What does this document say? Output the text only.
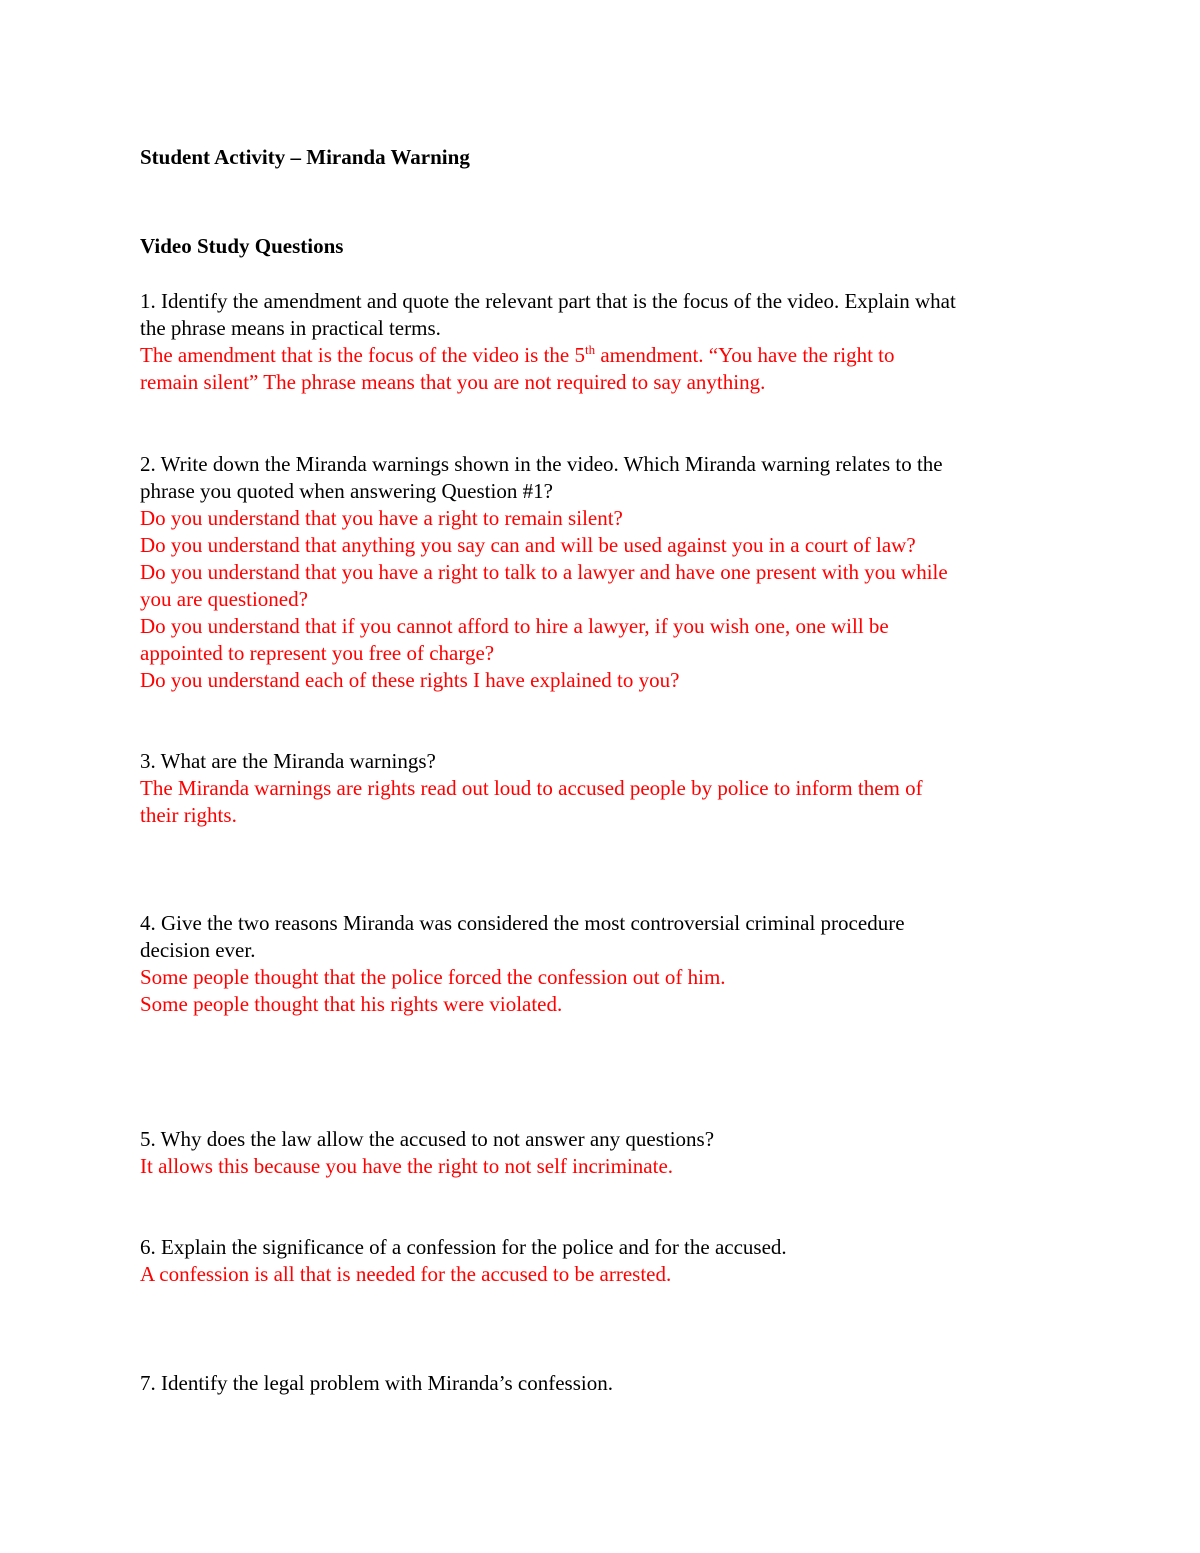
Student Activity – Miranda Warning
Video Study Questions
1. Identify the amendment and quote the relevant part that is the focus of the video. Explain what
the phrase means in practical terms.
The amendment that is the focus of the video is the 5th amendment. “You have the right to
remain silent” The phrase means that you are not required to say anything.
2. Write down the Miranda warnings shown in the video. Which Miranda warning relates to the
phrase you quoted when answering Question #1?
Do you understand that you have a right to remain silent?
Do you understand that anything you say can and will be used against you in a court of law?
Do you understand that you have a right to talk to a lawyer and have one present with you while
you are questioned?
Do you understand that if you cannot afford to hire a lawyer, if you wish one, one will be
appointed to represent you free of charge?
Do you understand each of these rights I have explained to you?
3. What are the Miranda warnings?
The Miranda warnings are rights read out loud to accused people by police to inform them of
their rights.
4. Give the two reasons Miranda was considered the most controversial criminal procedure
decision ever.
Some people thought that the police forced the confession out of him.
Some people thought that his rights were violated.
5. Why does the law allow the accused to not answer any questions?
It allows this because you have the right to not self incriminate.
6. Explain the significance of a confession for the police and for the accused.
A confession is all that is needed for the accused to be arrested.
7. Identify the legal problem with Miranda’s confession.
